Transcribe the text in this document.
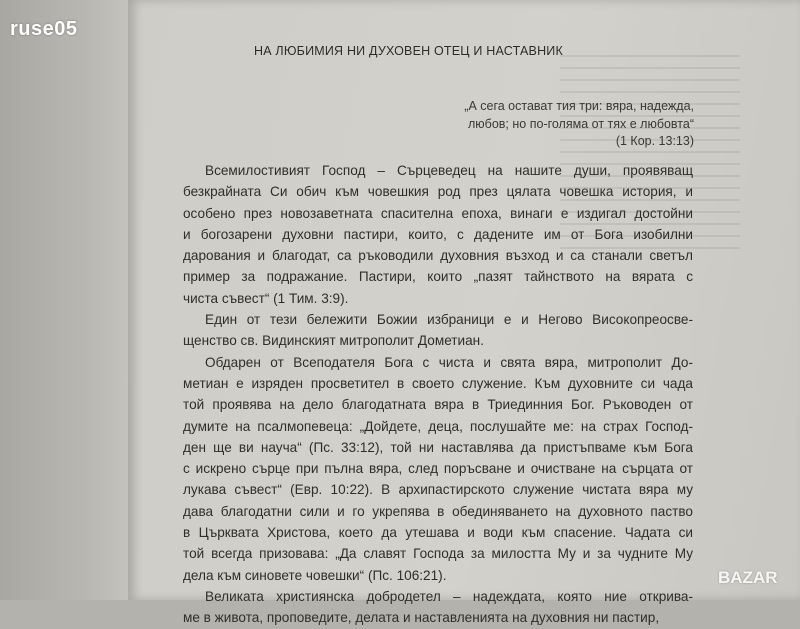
ruse05
НА ЛЮБИМИЯ НИ ДУХОВЕН ОТЕЦ И НАСТАВНИК
„А сега остават тия три: вяра, надежда,
любов; но по-голяма от тях е любовта“
(1 Кор. 13:13)
Всемилостивият Господ – Сърцеведец на нашите души, проявяващ
безкрайната Си обич към човешкия род през цялата човешка история, и
особено през новозаветната спасителна епоха, винаги е издигал достойни
и богозарени духовни пастири, които, с дадените им от Бога изобилни
дарования и благодат, са ръководили духовния възход и са станали светъл
пример за подражание. Пастири, които „пазят тайнството на вярата с
чиста съвест“ (1 Тим. 3:9).
Един от тези бележити Божии избраници е и Негово Високопреосве-
щенство св. Видинският митрополит Дометиан.
Обдарен от Всеподателя Бога с чиста и свята вяра, митрополит До-
метиан е изряден просветител в своето служение. Към духовните си чада
той проявява на дело благодатната вяра в Триединния Бог. Ръководен от
думите на псалмопевеца: „Дойдете, деца, послушайте ме: на страх Господ-
ден ще ви науча“ (Пс. 33:12), той ни наставлява да пристъпваме към Бога
с искрено сърце при пълна вяра, след поръсване и очистване на сърцата от
лукава съвест“ (Евр. 10:22). В архипастирското служение чистата вяра му
дава благодатни сили и го укрепява в обединяването на духовното паство
в Църквата Христова, което да утешава и води към спасение. Чадата си
той всегда призовава: „Да славят Господа за милостта Му и за чудните Му
дела към синовете човешки“ (Пс. 106:21).
Великата християнска добродетел – надеждата, която ние открива-
ме в живота, проповедите, делата и наставленията на духовния ни пастир,
BAZAR
